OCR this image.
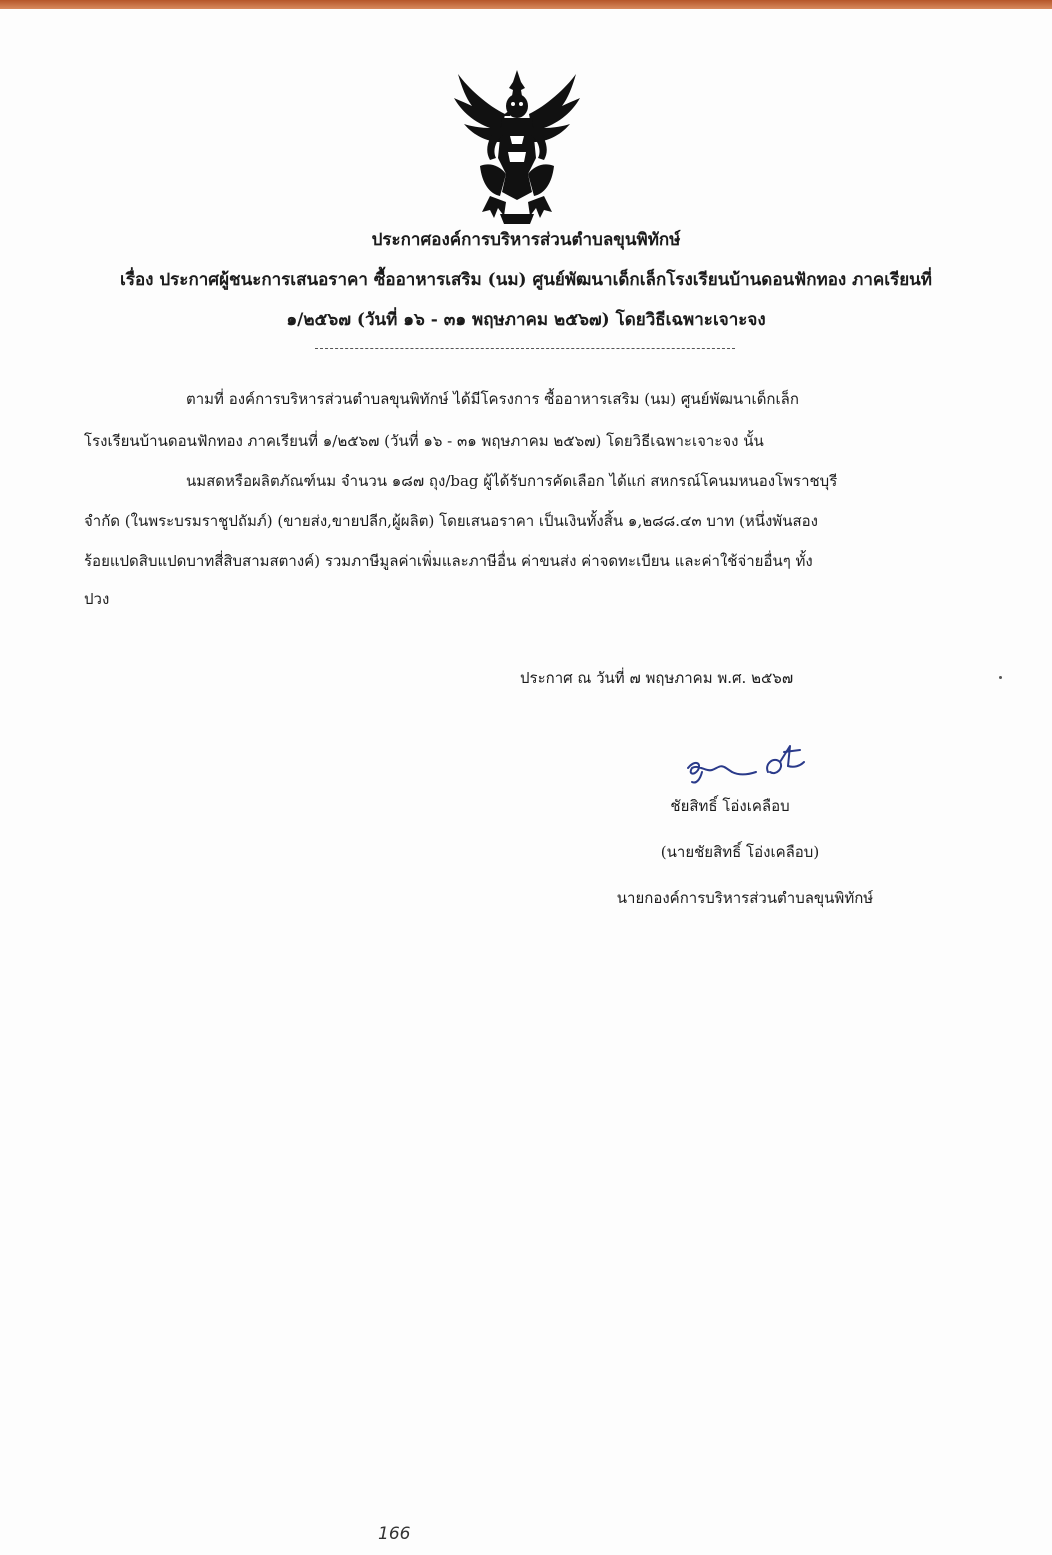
ประกาศองค์การบริหารส่วนตำบลขุนพิทักษ์
เรื่อง ประกาศผู้ชนะการเสนอราคา ซื้ออาหารเสริม (นม) ศูนย์พัฒนาเด็กเล็กโรงเรียนบ้านดอนฟักทอง ภาคเรียนที่
๑/๒๕๖๗ (วันที่ ๑๖ - ๓๑ พฤษภาคม ๒๕๖๗) โดยวิธีเฉพาะเจาะจง
ตามที่ องค์การบริหารส่วนตำบลขุนพิทักษ์ ได้มีโครงการ ซื้ออาหารเสริม (นม) ศูนย์พัฒนาเด็กเล็ก
โรงเรียนบ้านดอนฟักทอง ภาคเรียนที่ ๑/๒๕๖๗ (วันที่ ๑๖ - ๓๑ พฤษภาคม ๒๕๖๗) โดยวิธีเฉพาะเจาะจง นั้น
นมสดหรือผลิตภัณฑ์นม จำนวน ๑๘๗ ถุง/bag ผู้ได้รับการคัดเลือก ได้แก่ สหกรณ์โคนมหนองโพราชบุรี
จำกัด (ในพระบรมราชูปถัมภ์) (ขายส่ง,ขายปลีก,ผู้ผลิต) โดยเสนอราคา เป็นเงินทั้งสิ้น ๑,๒๘๘.๔๓ บาท (หนึ่งพันสอง
ร้อยแปดสิบแปดบาทสี่สิบสามสตางค์) รวมภาษีมูลค่าเพิ่มและภาษีอื่น ค่าขนส่ง ค่าจดทะเบียน และค่าใช้จ่ายอื่นๆ ทั้ง
ปวง
ประกาศ ณ วันที่ ๗ พฤษภาคม พ.ศ. ๒๕๖๗
ชัยสิทธิ์ โอ่งเคลือบ
(นายชัยสิทธิ์ โอ่งเคลือบ)
นายกองค์การบริหารส่วนตำบลขุนพิทักษ์
166
